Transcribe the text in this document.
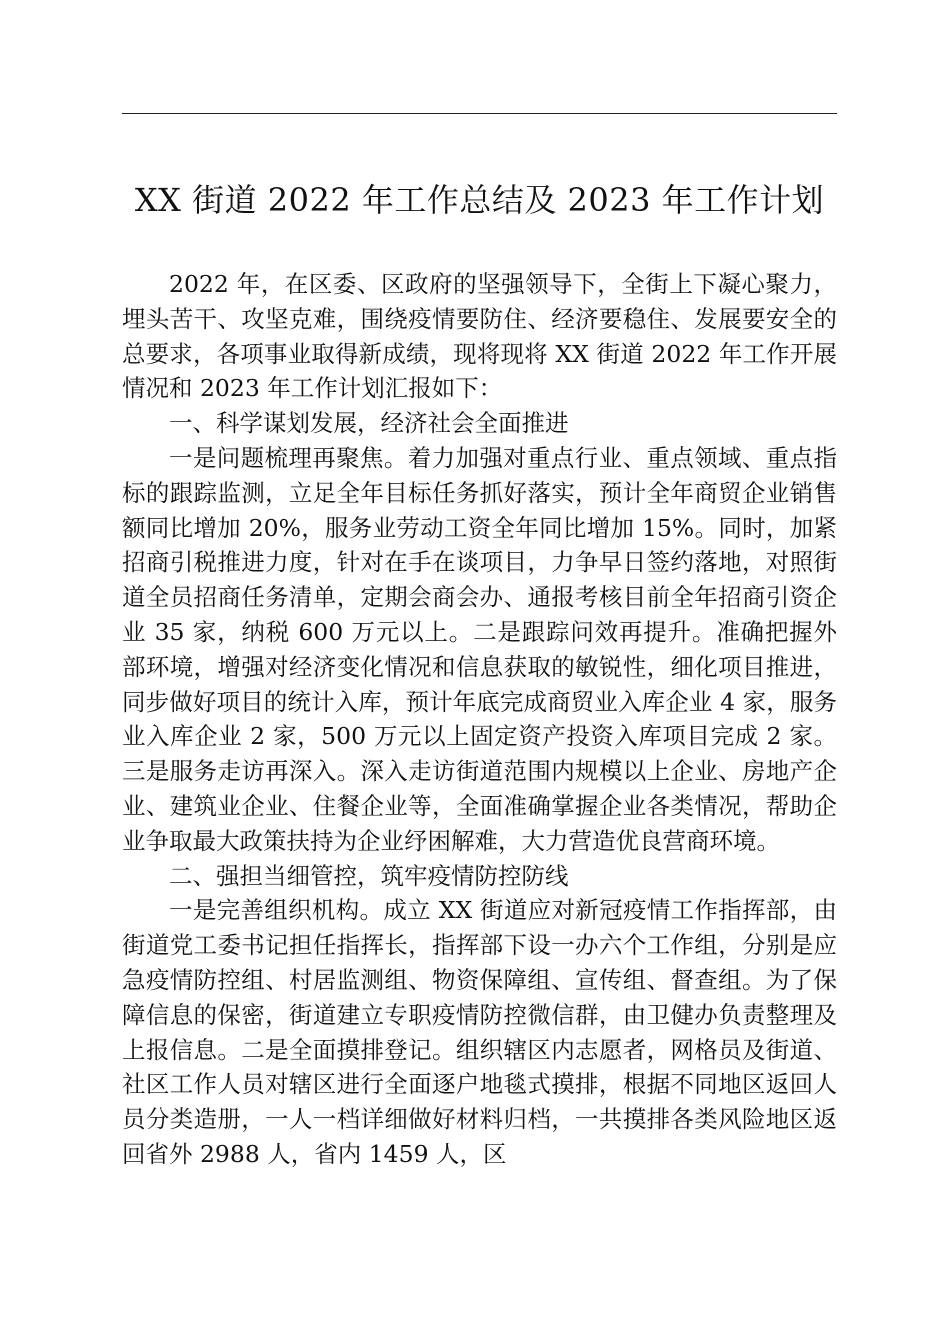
XX 街道 2022 年工作总结及 2023 年工作计划

2022 年，在区委、区政府的坚强领导下，全街上下凝心聚力，埋头苦干、攻坚克难，围绕疫情要防住、经济要稳住、发展要安全的总要求，各项事业取得新成绩，现将现将 XX 街道 2022 年工作开展情况和 2023 年工作计划汇报如下：

一、科学谋划发展，经济社会全面推进

一是问题梳理再聚焦。着力加强对重点行业、重点领域、重点指标的跟踪监测，立足全年目标任务抓好落实，预计全年商贸企业销售额同比增加 20%，服务业劳动工资全年同比增加 15%。同时，加紧招商引税推进力度，针对在手在谈项目，力争早日签约落地，对照街道全员招商任务清单，定期会商会办、通报考核目前全年招商引资企业 35 家，纳税 600 万元以上。二是跟踪问效再提升。准确把握外部环境，增强对经济变化情况和信息获取的敏锐性，细化项目推进，同步做好项目的统计入库，预计年底完成商贸业入库企业 4 家，服务业入库企业 2 家，500 万元以上固定资产投资入库项目完成 2 家。三是服务走访再深入。深入走访街道范围内规模以上企业、房地产企业、建筑业企业、住餐企业等，全面准确掌握企业各类情况，帮助企业争取最大政策扶持为企业纾困解难，大力营造优良营商环境。

二、强担当细管控，筑牢疫情防控防线

一是完善组织机构。成立 XX 街道应对新冠疫情工作指挥部，由街道党工委书记担任指挥长，指挥部下设一办六个工作组，分别是应急疫情防控组、村居监测组、物资保障组、宣传组、督查组。为了保障信息的保密，街道建立专职疫情防控微信群，由卫健办负责整理及上报信息。二是全面摸排登记。组织辖区内志愿者，网格员及街道、社区工作人员对辖区进行全面逐户地毯式摸排，根据不同地区返回人员分类造册，一人一档详细做好材料归档，一共摸排各类风险地区返回省外 2988 人，省内 1459 人，区
